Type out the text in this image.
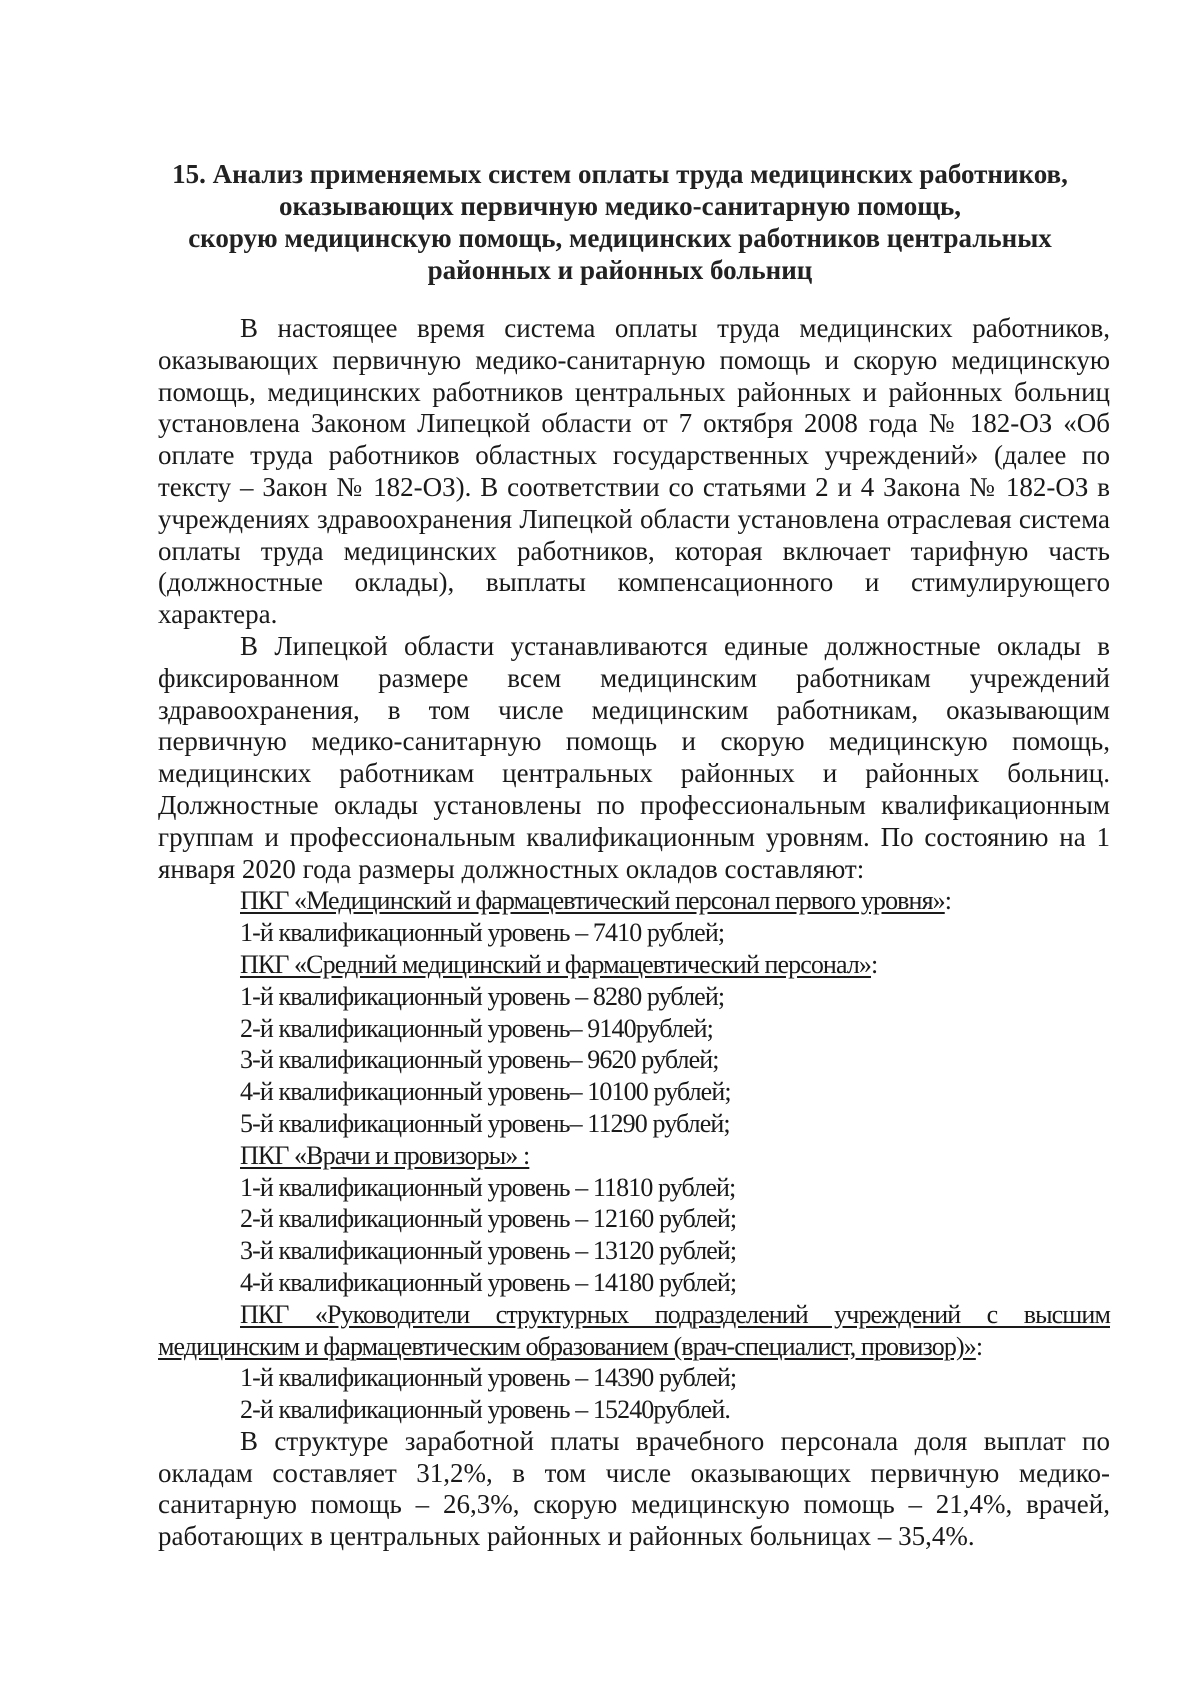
15. Анализ применяемых систем оплаты труда медицинских работников,
оказывающих первичную медико-санитарную помощь,
скорую медицинскую помощь, медицинских работников центральных
районных и районных больниц

В настоящее время система оплаты труда медицинских работников, оказывающих первичную медико-санитарную помощь и скорую медицинскую помощь, медицинских работников центральных районных и районных больниц установлена Законом Липецкой области от 7 октября 2008 года № 182-ОЗ «Об оплате труда работников областных государственных учреждений» (далее по тексту – Закон № 182-ОЗ). В соответствии со статьями 2 и 4 Закона № 182-ОЗ в учреждениях здравоохранения Липецкой области установлена отраслевая система оплаты труда медицинских работников, которая включает тарифную часть (должностные оклады), выплаты компенсационного и стимулирующего характера.

В Липецкой области устанавливаются единые должностные оклады в фиксированном размере всем медицинским работникам учреждений здравоохранения, в том числе медицинским работникам, оказывающим первичную медико-санитарную помощь и скорую медицинскую помощь, медицинских работникам центральных районных и районных больниц. Должностные оклады установлены по профессиональным квалификационным группам и профессиональным квалификационным уровням. По состоянию на 1 января 2020 года размеры должностных окладов составляют:

ПКГ «Медицинский и фармацевтический персонал первого уровня»:
1-й квалификационный уровень – 7410 рублей;
ПКГ «Средний медицинский и фармацевтический персонал»:
1-й квалификационный уровень – 8280 рублей;
2-й квалификационный уровень– 9140рублей;
3-й квалификационный уровень– 9620 рублей;
4-й квалификационный уровень– 10100 рублей;
5-й квалификационный уровень– 11290 рублей;
ПКГ «Врачи и провизоры» :
1-й квалификационный уровень – 11810 рублей;
2-й квалификационный уровень – 12160 рублей;
3-й квалификационный уровень – 13120 рублей;
4-й квалификационный уровень – 14180 рублей;
ПКГ «Руководители структурных подразделений учреждений с высшим медицинским и фармацевтическим образованием (врач-специалист, провизор)»:
1-й квалификационный уровень – 14390 рублей;
2-й квалификационный уровень – 15240рублей.

В структуре заработной платы врачебного персонала доля выплат по окладам составляет 31,2%, в том числе оказывающих первичную медико-санитарную помощь – 26,3%, скорую медицинскую помощь – 21,4%, врачей, работающих в центральных районных и районных больницах – 35,4%.
